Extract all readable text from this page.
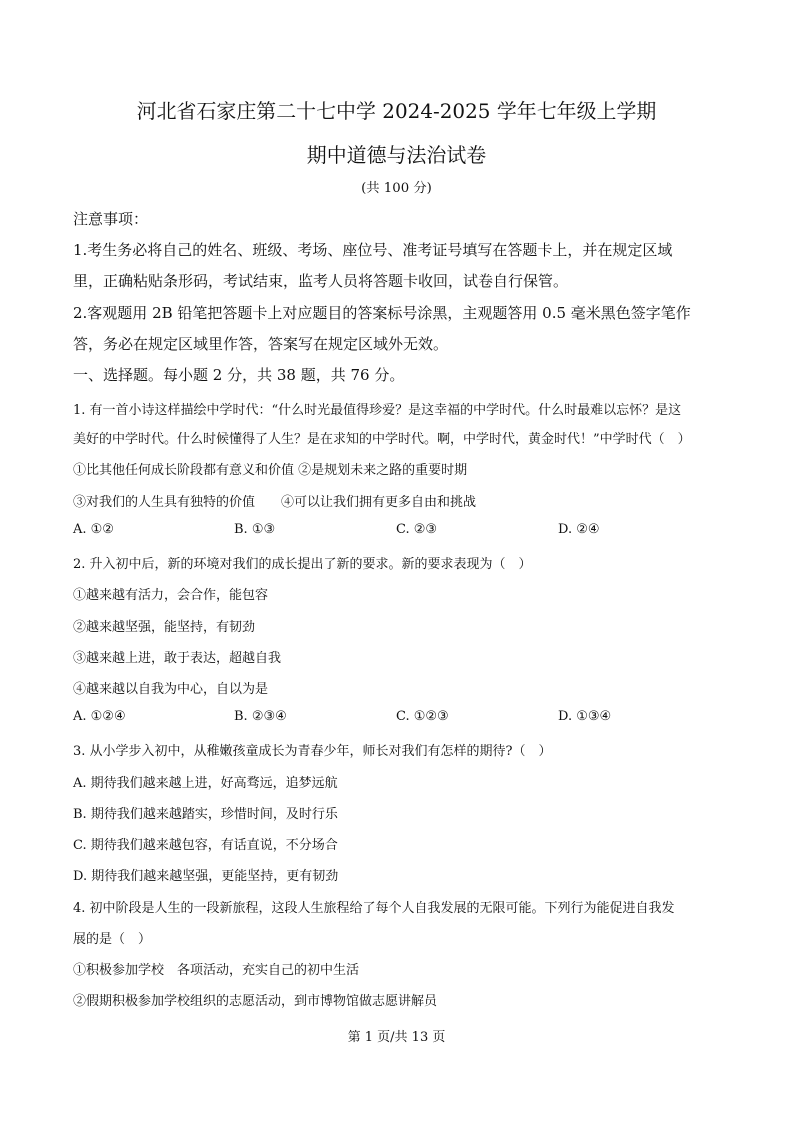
河北省石家庄第二十七中学 2024-2025 学年七年级上学期
期中道德与法治试卷
(共 100 分)
注意事项：
1.考生务必将自己的姓名、班级、考场、座位号、准考证号填写在答题卡上，并在规定区域
里，正确粘贴条形码，考试结束，监考人员将答题卡收回，试卷自行保管。
2.客观题用 2B 铅笔把答题卡上对应题目的答案标号涂黑，主观题答用 0.5 毫米黑色签字笔作
答，务必在规定区域里作答，答案写在规定区域外无效。
一、选择题。每小题 2 分，共 38 题，共 76 分。
1. 有一首小诗这样描绘中学时代：“什么时光最值得珍爱？是这幸福的中学时代。什么时最难以忘怀？是这
美好的中学时代。什么时候懂得了人生？是在求知的中学时代。啊，中学时代，黄金时代！”中学时代（　）
①比其他任何成长阶段都有意义和价值 ②是规划未来之路的重要时期
③对我们的人生具有独特的价值　　④可以让我们拥有更多自由和挑战
A. ①②	B. ①③	C. ②③	D. ②④
2. 升入初中后，新的环境对我们的成长提出了新的要求。新的要求表现为（　）
①越来越有活力，会合作，能包容
②越来越坚强，能坚持，有韧劲
③越来越上进，敢于表达，超越自我
④越来越以自我为中心，自以为是
A. ①②④	B. ②③④	C. ①②③	D. ①③④
3. 从小学步入初中，从稚嫩孩童成长为青春少年，师长对我们有怎样的期待?（　）
A. 期待我们越来越上进，好高骛远，追梦远航
B. 期待我们越来越踏实，珍惜时间，及时行乐
C. 期待我们越来越包容，有话直说，不分场合
D. 期待我们越来越坚强，更能坚持，更有韧劲
4. 初中阶段是人生的一段新旅程，这段人生旅程给了每个人自我发展的无限可能。下列行为能促进自我发
展的是（　）
①积极参加学校　各项活动，充实自己的初中生活
②假期积极参加学校组织的志愿活动，到市博物馆做志愿讲解员
第 1 页/共 13 页
